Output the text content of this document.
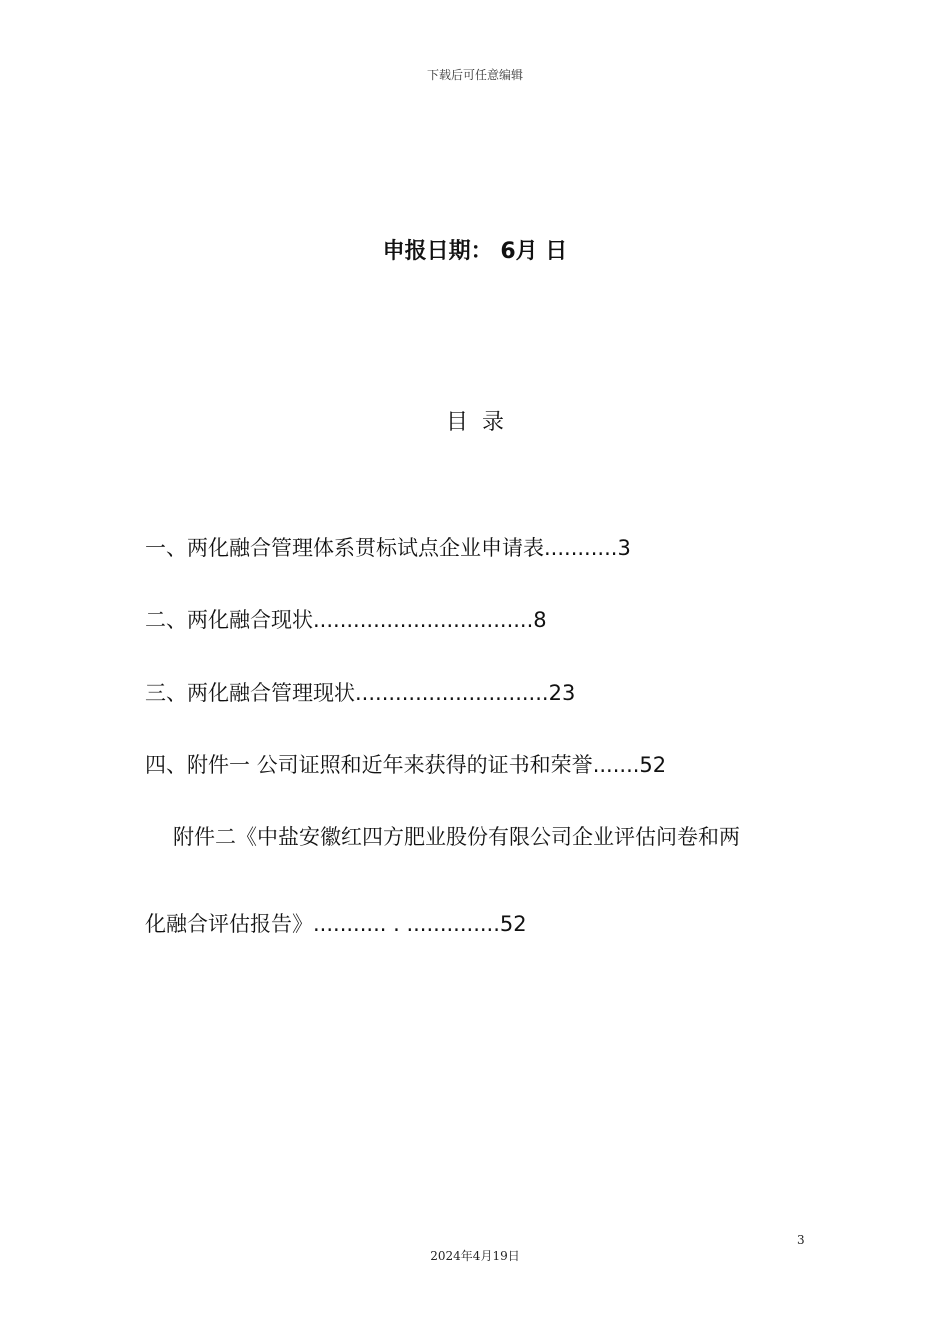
下载后可任意编辑
申报日期： 6月 日
目录
一、两化融合管理体系贯标试点企业申请表...........3
二、两化融合现状.................................8
三、两化融合管理现状.............................23
四、附件一 公司证照和近年来获得的证书和荣誉.......52
附件二《中盐安徽红四方肥业股份有限公司企业评估问卷和两
化融合评估报告》........... . ..............52
3
2024年4月19日
